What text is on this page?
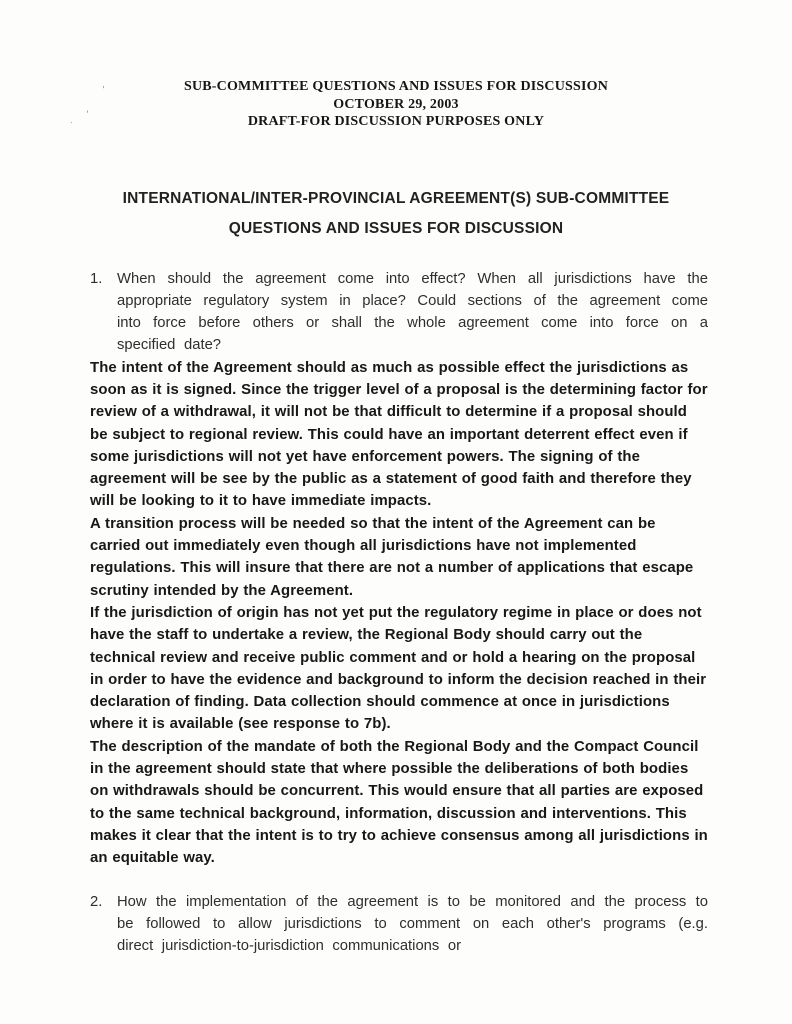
ʹ
ͺ ʹ
SUB-COMMITTEE QUESTIONS AND ISSUES FOR DISCUSSION
OCTOBER 29, 2003
DRAFT-FOR DISCUSSION PURPOSES ONLY
INTERNATIONAL/INTER-PROVINCIAL AGREEMENT(S) SUB-COMMITTEE
QUESTIONS AND ISSUES FOR DISCUSSION
1. When should the agreement come into effect? When all jurisdictions have the appropriate regulatory system in place? Could sections of the agreement come into force before others or shall the whole agreement come into force on a specified date?

The intent of the Agreement should as much as possible effect the jurisdictions as soon as it is signed. Since the trigger level of a proposal is the determining factor for review of a withdrawal, it will not be that difficult to determine if a proposal should be subject to regional review. This could have an important deterrent effect even if some jurisdictions will not yet have enforcement powers. The signing of the agreement will be see by the public as a statement of good faith and therefore they will be looking to it to have immediate impacts.

A transition process will be needed so that the intent of the Agreement can be carried out immediately even though all jurisdictions have not implemented regulations. This will insure that there are not a number of applications that escape scrutiny intended by the Agreement.

If the jurisdiction of origin has not yet put the regulatory regime in place or does not have the staff to undertake a review, the Regional Body should carry out the technical review and receive public comment and or hold a hearing on the proposal in order to have the evidence and background to inform the decision reached in their declaration of finding. Data collection should commence at once in jurisdictions where it is available (see response to 7b).

The description of the mandate of both the Regional Body and the Compact Council in the agreement should state that where possible the deliberations of both bodies on withdrawals should be concurrent. This would ensure that all parties are exposed to the same technical background, information, discussion and interventions. This makes it clear that the intent is to try to achieve consensus among all jurisdictions in an equitable way.

2. How the implementation of the agreement is to be monitored and the process to be followed to allow jurisdictions to comment on each other's programs (e.g. direct jurisdiction-to-jurisdiction communications or
